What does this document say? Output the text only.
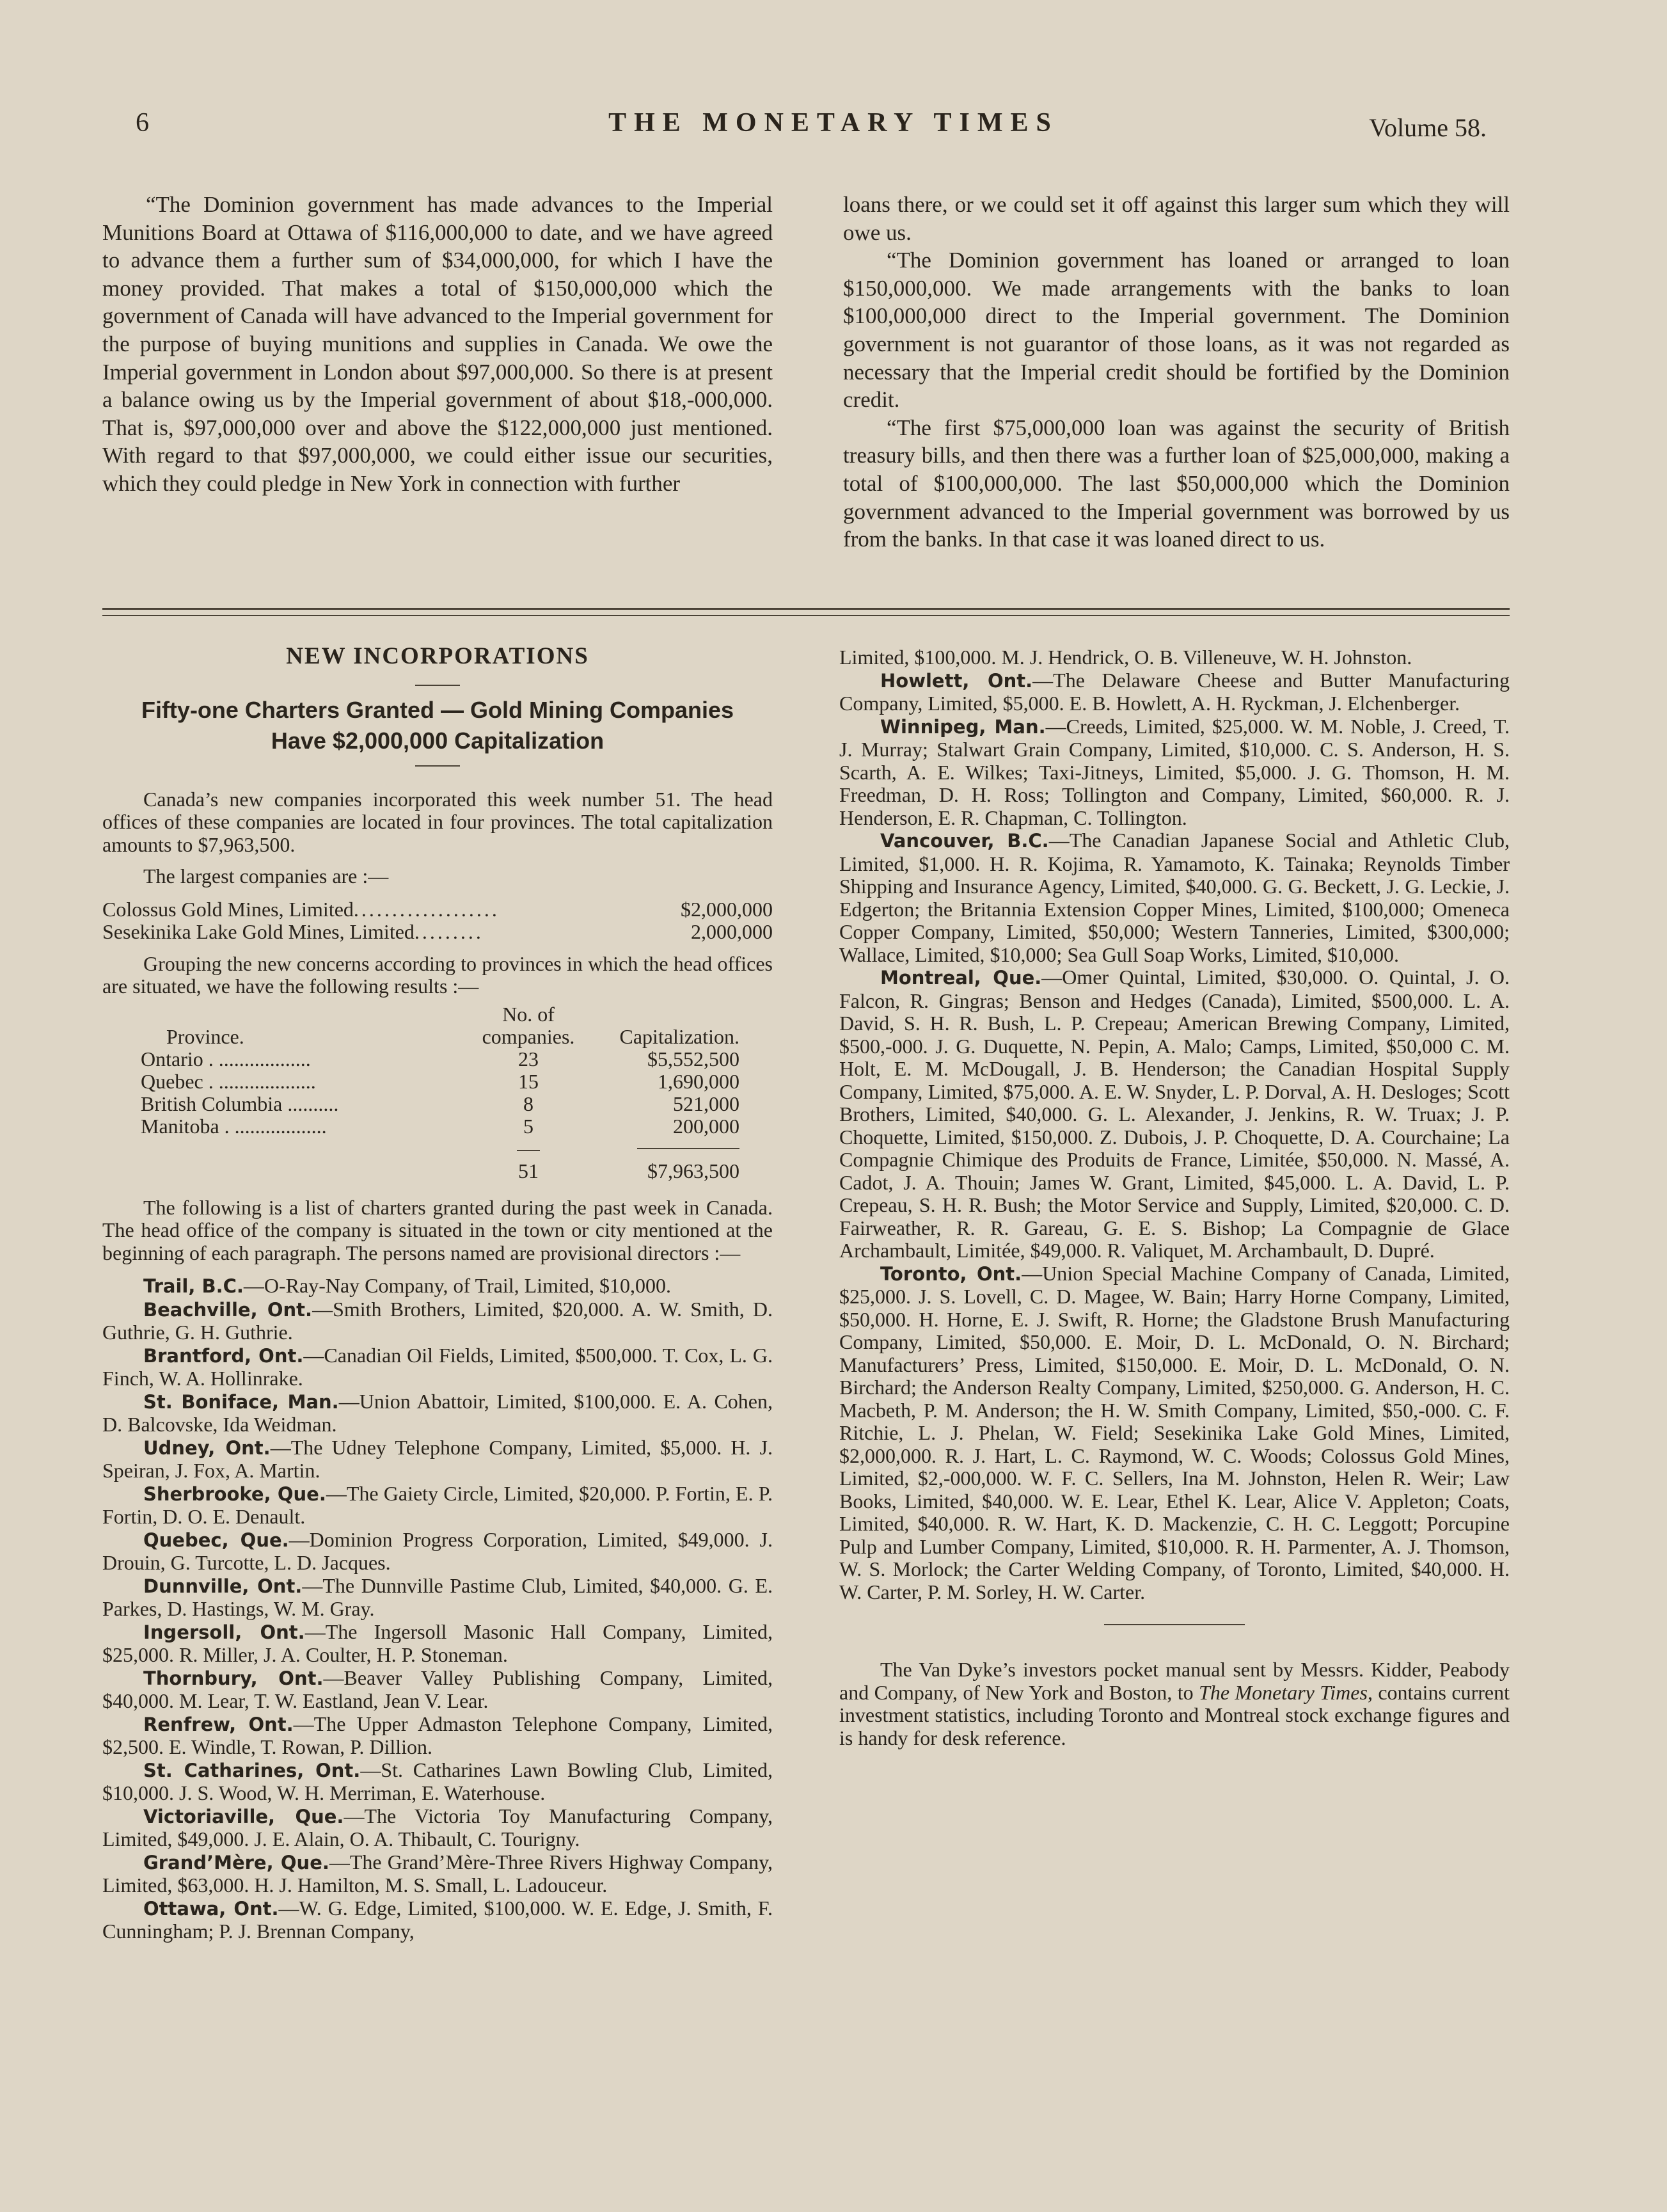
6	THE MONETARY TIMES	Volume 58.

“The Dominion government has made advances to the Imperial Munitions Board at Ottawa of $116,000,000 to date, and we have agreed to advance them a further sum of $34,000,000, for which I have the money provided. That makes a total of $150,000,000 which the government of Canada will have advanced to the Imperial government for the purpose of buying munitions and supplies in Canada. We owe the Imperial government in London about $97,000,000. So there is at present a balance owing us by the Imperial government of about $18,-000,000. That is, $97,000,000 over and above the $122,000,000 just mentioned. With regard to that $97,000,000, we could either issue our securities, which they could pledge in New York in connection with further

loans there, or we could set it off against this larger sum which they will owe us.

“The Dominion government has loaned or arranged to loan $150,000,000. We made arrangements with the banks to loan $100,000,000 direct to the Imperial government. The Dominion government is not guarantor of those loans, as it was not regarded as necessary that the Imperial credit should be fortified by the Dominion credit.

“The first $75,000,000 loan was against the security of British treasury bills, and then there was a further loan of $25,000,000, making a total of $100,000,000. The last $50,000,000 which the Dominion government advanced to the Imperial government was borrowed by us from the banks. In that case it was loaned direct to us.

NEW INCORPORATIONS
Fifty-one Charters Granted — Gold Mining Companies
Have $2,000,000 Capitalization

Canada’s new companies incorporated this week number 51. The head offices of these companies are located in four provinces. The total capitalization amounts to $7,963,500.

The largest companies are :—

Colossus Gold Mines, Limited ...................	$2,000,000
Sesekinika Lake Gold Mines, Limited .........	2,000,000

Grouping the new concerns according to provinces in which the head offices are situated, we have the following results :—

	No. of	
Province.	companies.	Capitalization.
Ontario . ..................	23	$5,552,500
Quebec . ...................	15	1,690,000
British Columbia ..........	8	521,000
Manitoba . ..................	5	200,000

	51	$7,963,500

The following is a list of charters granted during the past week in Canada. The head office of the company is situated in the town or city mentioned at the beginning of each paragraph. The persons named are provisional directors :—

Trail, B.C.—O-Ray-Nay Company, of Trail, Limited, $10,000.

Beachville, Ont.—Smith Brothers, Limited, $20,000. A. W. Smith, D. Guthrie, G. H. Guthrie.

Brantford, Ont.—Canadian Oil Fields, Limited, $500,000. T. Cox, L. G. Finch, W. A. Hollinrake.

St. Boniface, Man.—Union Abattoir, Limited, $100,000. E. A. Cohen, D. Balcovske, Ida Weidman.

Udney, Ont.—The Udney Telephone Company, Limited, $5,000. H. J. Speiran, J. Fox, A. Martin.

Sherbrooke, Que.—The Gaiety Circle, Limited, $20,000. P. Fortin, E. P. Fortin, D. O. E. Denault.

Quebec, Que.—Dominion Progress Corporation, Limited, $49,000. J. Drouin, G. Turcotte, L. D. Jacques.

Dunnville, Ont.—The Dunnville Pastime Club, Limited, $40,000. G. E. Parkes, D. Hastings, W. M. Gray.

Ingersoll, Ont.—The Ingersoll Masonic Hall Company, Limited, $25,000. R. Miller, J. A. Coulter, H. P. Stoneman.

Thornbury, Ont.—Beaver Valley Publishing Company, Limited, $40,000. M. Lear, T. W. Eastland, Jean V. Lear.

Renfrew, Ont.—The Upper Admaston Telephone Company, Limited, $2,500. E. Windle, T. Rowan, P. Dillion.

St. Catharines, Ont.—St. Catharines Lawn Bowling Club, Limited, $10,000. J. S. Wood, W. H. Merriman, E. Waterhouse.

Victoriaville, Que.—The Victoria Toy Manufacturing Company, Limited, $49,000. J. E. Alain, O. A. Thibault, C. Tourigny.

Grand’Mère, Que.—The Grand’Mère-Three Rivers Highway Company, Limited, $63,000. H. J. Hamilton, M. S. Small, L. Ladouceur.

Ottawa, Ont.—W. G. Edge, Limited, $100,000. W. E. Edge, J. Smith, F. Cunningham; P. J. Brennan Company,

Limited, $100,000. M. J. Hendrick, O. B. Villeneuve, W. H. Johnston.

Howlett, Ont.—The Delaware Cheese and Butter Manufacturing Company, Limited, $5,000. E. B. Howlett, A. H. Ryckman, J. Elchenberger.

Winnipeg, Man.—Creeds, Limited, $25,000. W. M. Noble, J. Creed, T. J. Murray; Stalwart Grain Company, Limited, $10,000. C. S. Anderson, H. S. Scarth, A. E. Wilkes; Taxi-Jitneys, Limited, $5,000. J. G. Thomson, H. M. Freedman, D. H. Ross; Tollington and Company, Limited, $60,000. R. J. Henderson, E. R. Chapman, C. Tollington.

Vancouver, B.C.—The Canadian Japanese Social and Athletic Club, Limited, $1,000. H. R. Kojima, R. Yamamoto, K. Tainaka; Reynolds Timber Shipping and Insurance Agency, Limited, $40,000. G. G. Beckett, J. G. Leckie, J. Edgerton; the Britannia Extension Copper Mines, Limited, $100,000; Omeneca Copper Company, Limited, $50,000; Western Tanneries, Limited, $300,000; Wallace, Limited, $10,000; Sea Gull Soap Works, Limited, $10,000.

Montreal, Que.—Omer Quintal, Limited, $30,000. O. Quintal, J. O. Falcon, R. Gingras; Benson and Hedges (Canada), Limited, $500,000. L. A. David, S. H. R. Bush, L. P. Crepeau; American Brewing Company, Limited, $500,-000. J. G. Duquette, N. Pepin, A. Malo; Camps, Limited, $50,000 C. M. Holt, E. M. McDougall, J. B. Henderson; the Canadian Hospital Supply Company, Limited, $75,000. A. E. W. Snyder, L. P. Dorval, A. H. Desloges; Scott Brothers, Limited, $40,000. G. L. Alexander, J. Jenkins, R. W. Truax; J. P. Choquette, Limited, $150,000. Z. Dubois, J. P. Choquette, D. A. Courchaine; La Compagnie Chimique des Produits de France, Limitée, $50,000. N. Massé, A. Cadot, J. A. Thouin; James W. Grant, Limited, $45,000. L. A. David, L. P. Crepeau, S. H. R. Bush; the Motor Service and Supply, Limited, $20,000. C. D. Fairweather, R. R. Gareau, G. E. S. Bishop; La Compagnie de Glace Archambault, Limitée, $49,000. R. Valiquet, M. Archambault, D. Dupré.

Toronto, Ont.—Union Special Machine Company of Canada, Limited, $25,000. J. S. Lovell, C. D. Magee, W. Bain; Harry Horne Company, Limited, $50,000. H. Horne, E. J. Swift, R. Horne; the Gladstone Brush Manufacturing Company, Limited, $50,000. E. Moir, D. L. McDonald, O. N. Birchard; Manufacturers’ Press, Limited, $150,000. E. Moir, D. L. McDonald, O. N. Birchard; the Anderson Realty Company, Limited, $250,000. G. Anderson, H. C. Macbeth, P. M. Anderson; the H. W. Smith Company, Limited, $50,-000. C. F. Ritchie, L. J. Phelan, W. Field; Sesekinika Lake Gold Mines, Limited, $2,000,000. R. J. Hart, L. C. Raymond, W. C. Woods; Colossus Gold Mines, Limited, $2,-000,000. W. F. C. Sellers, Ina M. Johnston, Helen R. Weir; Law Books, Limited, $40,000. W. E. Lear, Ethel K. Lear, Alice V. Appleton; Coats, Limited, $40,000. R. W. Hart, K. D. Mackenzie, C. H. C. Leggott; Porcupine Pulp and Lumber Company, Limited, $10,000. R. H. Parmenter, A. J. Thomson, W. S. Morlock; the Carter Welding Company, of Toronto, Limited, $40,000. H. W. Carter, P. M. Sorley, H. W. Carter.

The Van Dyke’s investors pocket manual sent by Messrs. Kidder, Peabody and Company, of New York and Boston, to The Monetary Times, contains current investment statistics, including Toronto and Montreal stock exchange figures and is handy for desk reference.
